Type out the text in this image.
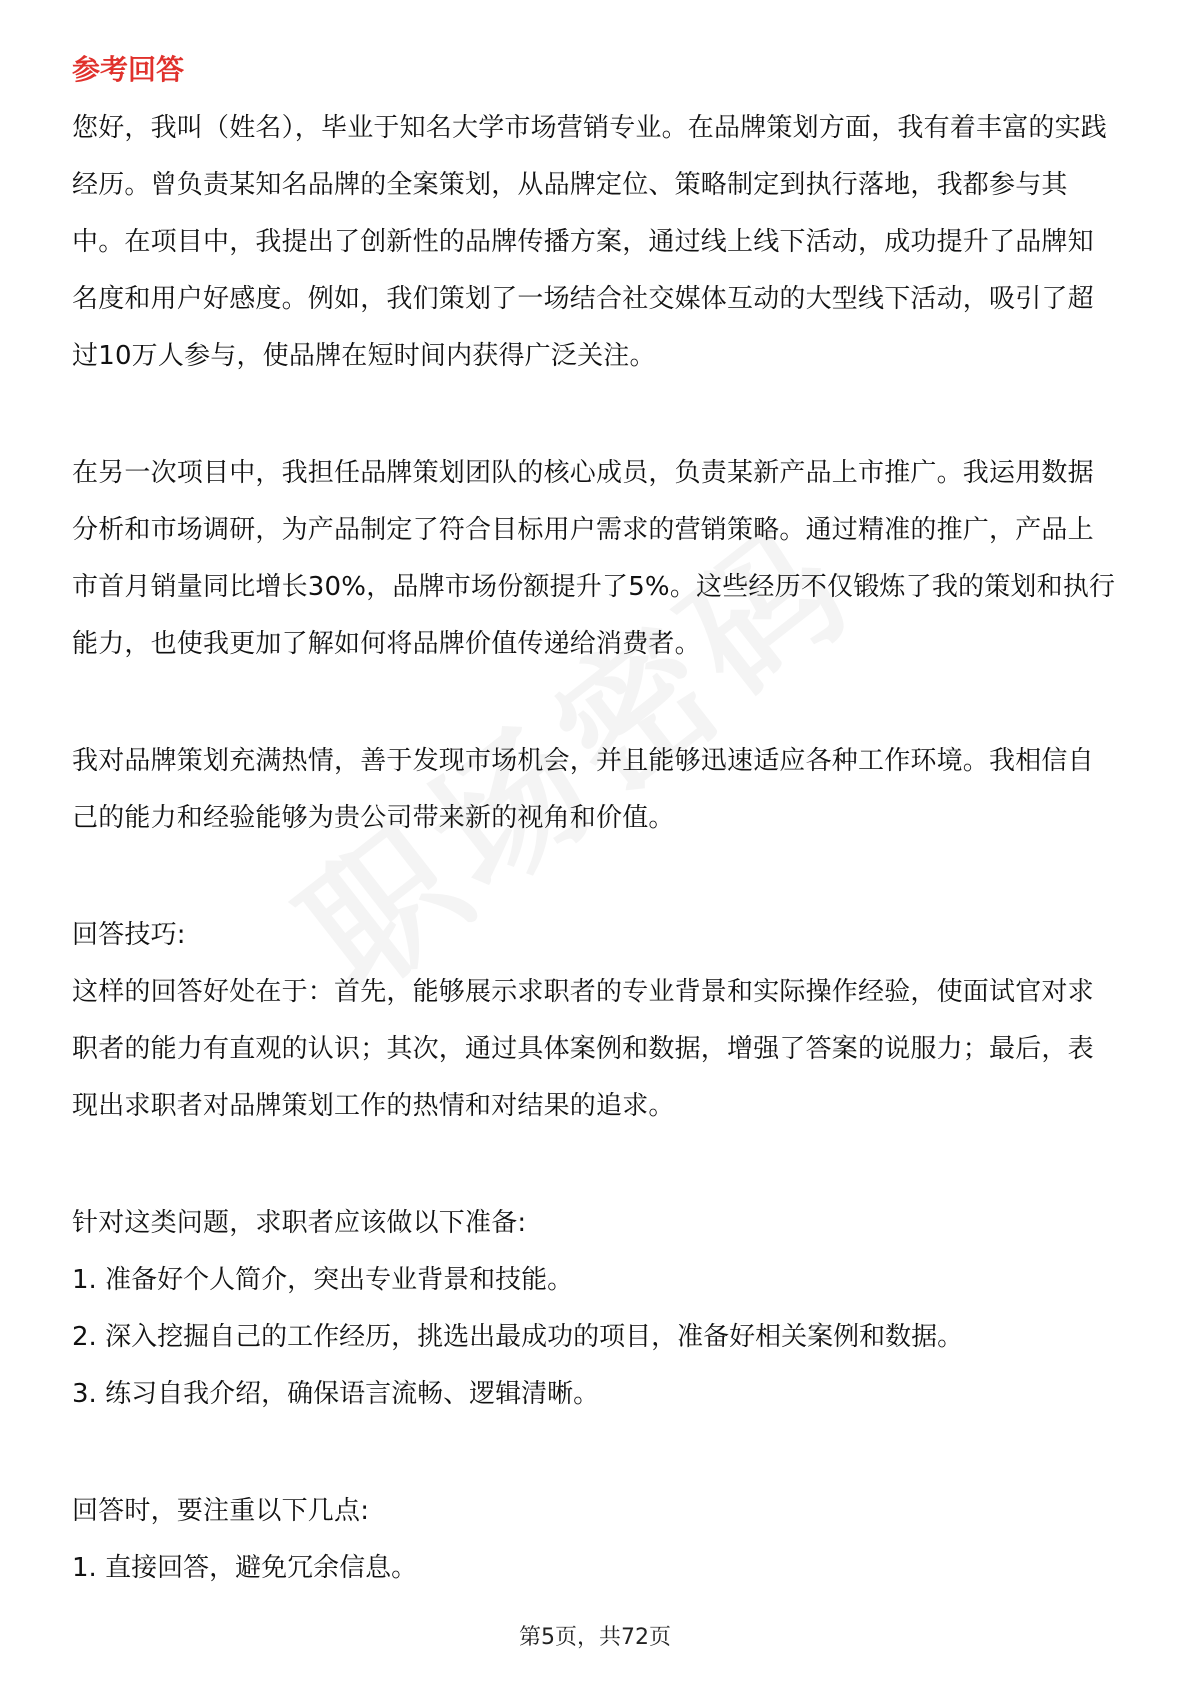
参考回答

您好，我叫（姓名），毕业于知名大学市场营销专业。在品牌策划方面，我有着丰富的实践经历。曾负责某知名品牌的全案策划，从品牌定位、策略制定到执行落地，我都参与其中。在项目中，我提出了创新性的品牌传播方案，通过线上线下活动，成功提升了品牌知名度和用户好感度。例如，我们策划了一场结合社交媒体互动的大型线下活动，吸引了超过10万人参与，使品牌在短时间内获得广泛关注。

在另一次项目中，我担任品牌策划团队的核心成员，负责某新产品上市推广。我运用数据分析和市场调研，为产品制定了符合目标用户需求的营销策略。通过精准的推广，产品上市首月销量同比增长30%，品牌市场份额提升了5%。这些经历不仅锻炼了我的策划和执行能力，也使我更加了解如何将品牌价值传递给消费者。

我对品牌策划充满热情，善于发现市场机会，并且能够迅速适应各种工作环境。我相信自己的能力和经验能够为贵公司带来新的视角和价值。

回答技巧:

这样的回答好处在于：首先，能够展示求职者的专业背景和实际操作经验，使面试官对求职者的能力有直观的认识；其次，通过具体案例和数据，增强了答案的说服力；最后，表现出求职者对品牌策划工作的热情和对结果的追求。

针对这类问题，求职者应该做以下准备:

1. 准备好个人简介，突出专业背景和技能。

2. 深入挖掘自己的工作经历，挑选出最成功的项目，准备好相关案例和数据。

3. 练习自我介绍，确保语言流畅、逻辑清晰。

回答时，要注重以下几点:

1. 直接回答，避免冗余信息。

第5页，共72页
